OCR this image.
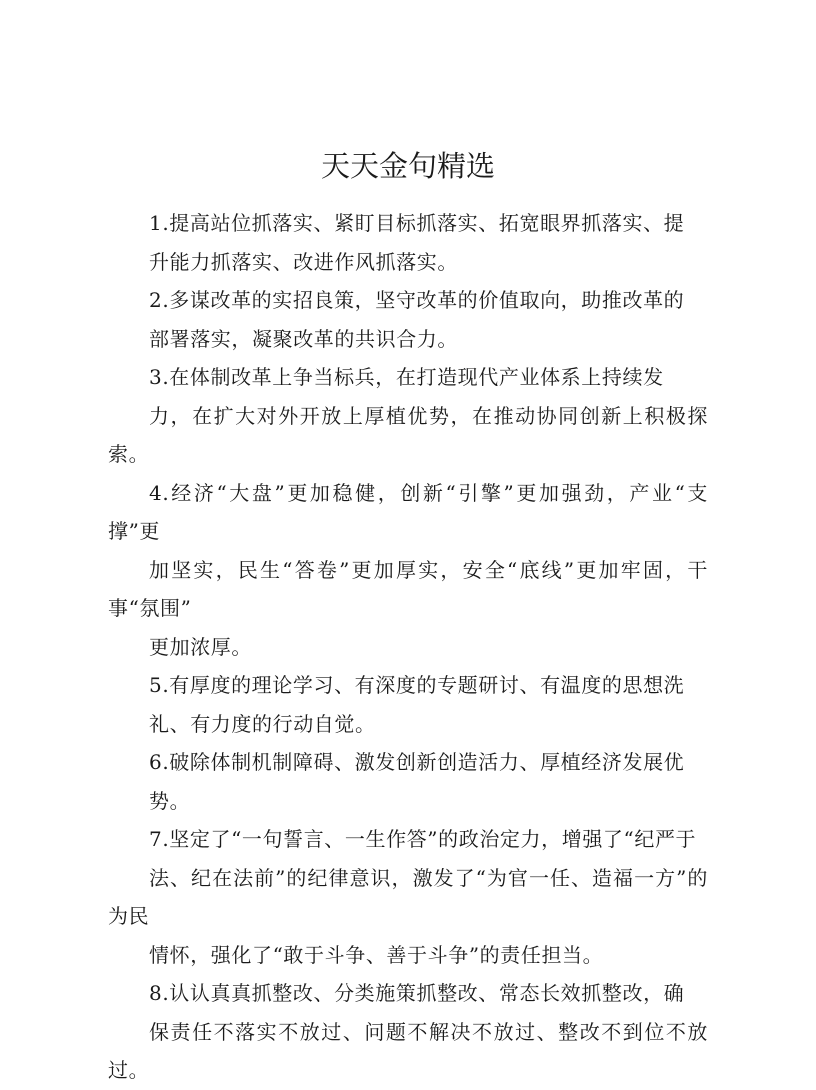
天天金句精选

1.提高站位抓落实、紧盯目标抓落实、拓宽眼界抓落实、提
升能力抓落实、改进作风抓落实。

2.多谋改革的实招良策，坚守改革的价值取向，助推改革的
部署落实，凝聚改革的共识合力。

3.在体制改革上争当标兵，在打造现代产业体系上持续发
力，在扩大对外开放上厚植优势，在推动协同创新上积极探索。

4.经济“大盘”更加稳健，创新“引擎”更加强劲，产业“支撑”更
加坚实，民生“答卷”更加厚实，安全“底线”更加牢固，干事“氛围”
更加浓厚。

5.有厚度的理论学习、有深度的专题研讨、有温度的思想洗
礼、有力度的行动自觉。

6.破除体制机制障碍、激发创新创造活力、厚植经济发展优
势。

7.坚定了“一句誓言、一生作答”的政治定力，增强了“纪严于
法、纪在法前”的纪律意识，激发了“为官一任、造福一方”的为民
情怀，强化了“敢于斗争、善于斗争”的责任担当。

8.认认真真抓整改、分类施策抓整改、常态长效抓整改，确
保责任不落实不放过、问题不解决不放过、整改不到位不放过。
